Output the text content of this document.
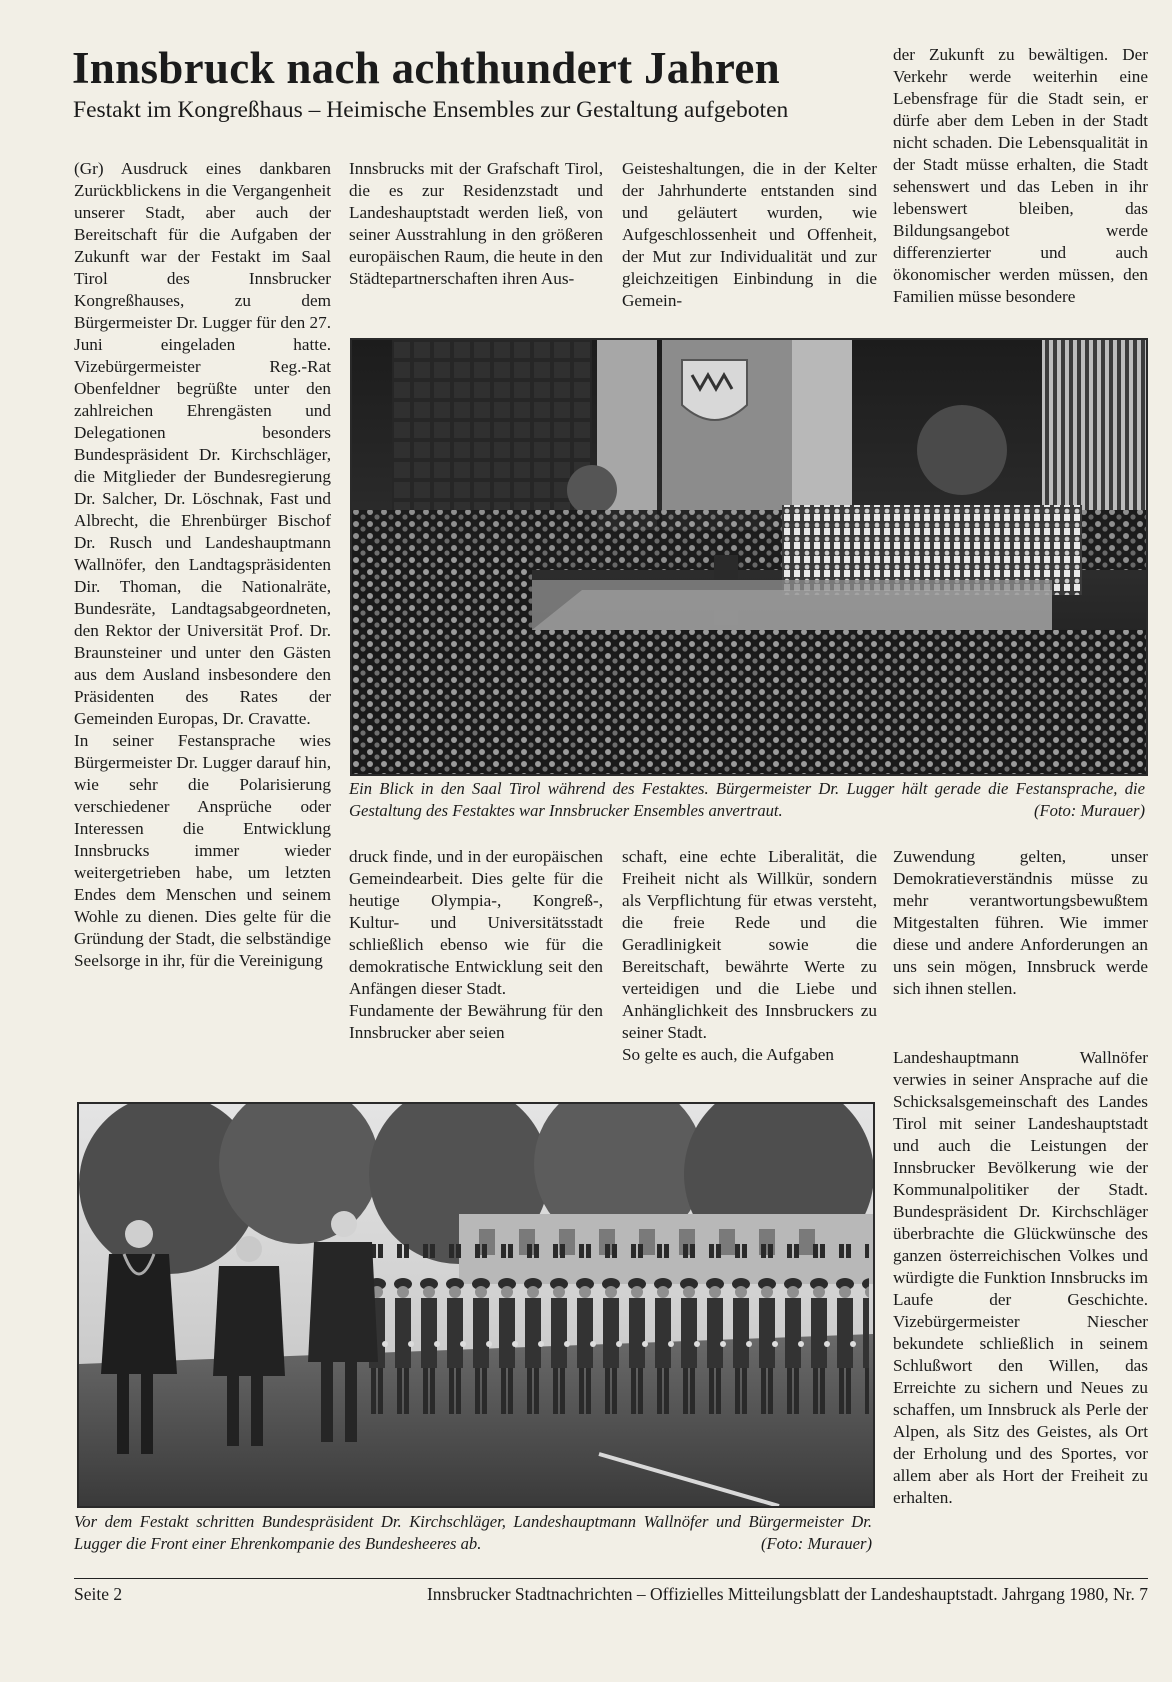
Innsbruck nach achthundert Jahren
Festakt im Kongreßhaus – Heimische Ensembles zur Gestaltung aufgeboten

der Zukunft zu bewältigen. Der Verkehr werde weiterhin eine Lebensfrage für die Stadt sein, er dürfe aber dem Leben in der Stadt nicht schaden. Die Lebensqualität in der Stadt müsse erhalten, die Stadt sehenswert und das Leben in ihr lebenswert bleiben, das Bildungsangebot werde differenzierter und auch ökonomischer werden müssen, den Familien müsse besondere

(Gr) Ausdruck eines dankbaren Zurückblickens in die Vergangenheit unserer Stadt, aber auch der Bereitschaft für die Aufgaben der Zukunft war der Festakt im Saal Tirol des Innsbrucker Kongreßhauses, zu dem Bürgermeister Dr. Lugger für den 27. Juni eingeladen hatte. Vizebürgermeister Reg.-Rat Obenfeldner begrüßte unter den zahlreichen Ehrengästen und Delegationen besonders Bundespräsident Dr. Kirchschläger, die Mitglieder der Bundesregierung Dr. Salcher, Dr. Löschnak, Fast und Albrecht, die Ehrenbürger Bischof Dr. Rusch und Landeshauptmann Wallnöfer, den Landtagspräsidenten Dir. Thoman, die Nationalräte, Bundesräte, Landtagsabgeordneten, den Rektor der Universität Prof. Dr. Braunsteiner und unter den Gästen aus dem Ausland insbesondere den Präsidenten des Rates der Gemeinden Europas, Dr. Cravatte.

In seiner Festansprache wies Bürgermeister Dr. Lugger darauf hin, wie sehr die Polarisierung verschiedener Ansprüche oder Interessen die Entwicklung Innsbrucks immer wieder weitergetrieben habe, um letzten Endes dem Menschen und seinem Wohle zu dienen. Dies gelte für die Gründung der Stadt, die selbständige Seelsorge in ihr, für die Vereinigung

Innsbrucks mit der Grafschaft Tirol, die es zur Residenzstadt und Landeshauptstadt werden ließ, von seiner Ausstrahlung in den größeren europäischen Raum, die heute in den Städtepartnerschaften ihren Aus-

Geisteshaltungen, die in der Kelter der Jahrhunderte entstanden sind und geläutert wurden, wie Aufgeschlossenheit und Offenheit, der Mut zur Individualität und zur gleichzeitigen Einbindung in die Gemein-

Ein Blick in den Saal Tirol während des Festaktes. Bürgermeister Dr. Lugger hält gerade die Festansprache, die Gestaltung des Festaktes war Innsbrucker Ensembles anvertraut.	(Foto: Murauer)

druck finde, und in der europäischen Gemeindearbeit. Dies gelte für die heutige Olympia-, Kongreß-, Kultur- und Universitätsstadt schließlich ebenso wie für die demokratische Entwicklung seit den Anfängen dieser Stadt.

Fundamente der Bewährung für den Innsbrucker aber seien

schaft, eine echte Liberalität, die Freiheit nicht als Willkür, sondern als Verpflichtung für etwas versteht, die freie Rede und die Geradlinigkeit sowie die Bereitschaft, bewährte Werte zu verteidigen und die Liebe und Anhänglichkeit des Innsbruckers zu seiner Stadt.

So gelte es auch, die Aufgaben

Zuwendung gelten, unser Demokratieverständnis müsse zu mehr verantwortungsbewußtem Mitgestalten führen. Wie immer diese und andere Anforderungen an uns sein mögen, Innsbruck werde sich ihnen stellen.

Landeshauptmann Wallnöfer verwies in seiner Ansprache auf die Schicksalsgemeinschaft des Landes Tirol mit seiner Landeshauptstadt und auch die Leistungen der Innsbrucker Bevölkerung wie der Kommunalpolitiker der Stadt. Bundespräsident Dr. Kirchschläger überbrachte die Glückwünsche des ganzen österreichischen Volkes und würdigte die Funktion Innsbrucks im Laufe der Geschichte. Vizebürgermeister Niescher bekundete schließlich in seinem Schlußwort den Willen, das Erreichte zu sichern und Neues zu schaffen, um Innsbruck als Perle der Alpen, als Sitz des Geistes, als Ort der Erholung und des Sportes, vor allem aber als Hort der Freiheit zu erhalten.

Vor dem Festakt schritten Bundespräsident Dr. Kirchschläger, Landeshauptmann Wallnöfer und Bürgermeister Dr. Lugger die Front einer Ehrenkompanie des Bundesheeres ab.	(Foto: Murauer)
Seite 2	Innsbrucker Stadtnachrichten – Offizielles Mitteilungsblatt der Landeshauptstadt. Jahrgang 1980, Nr. 7
